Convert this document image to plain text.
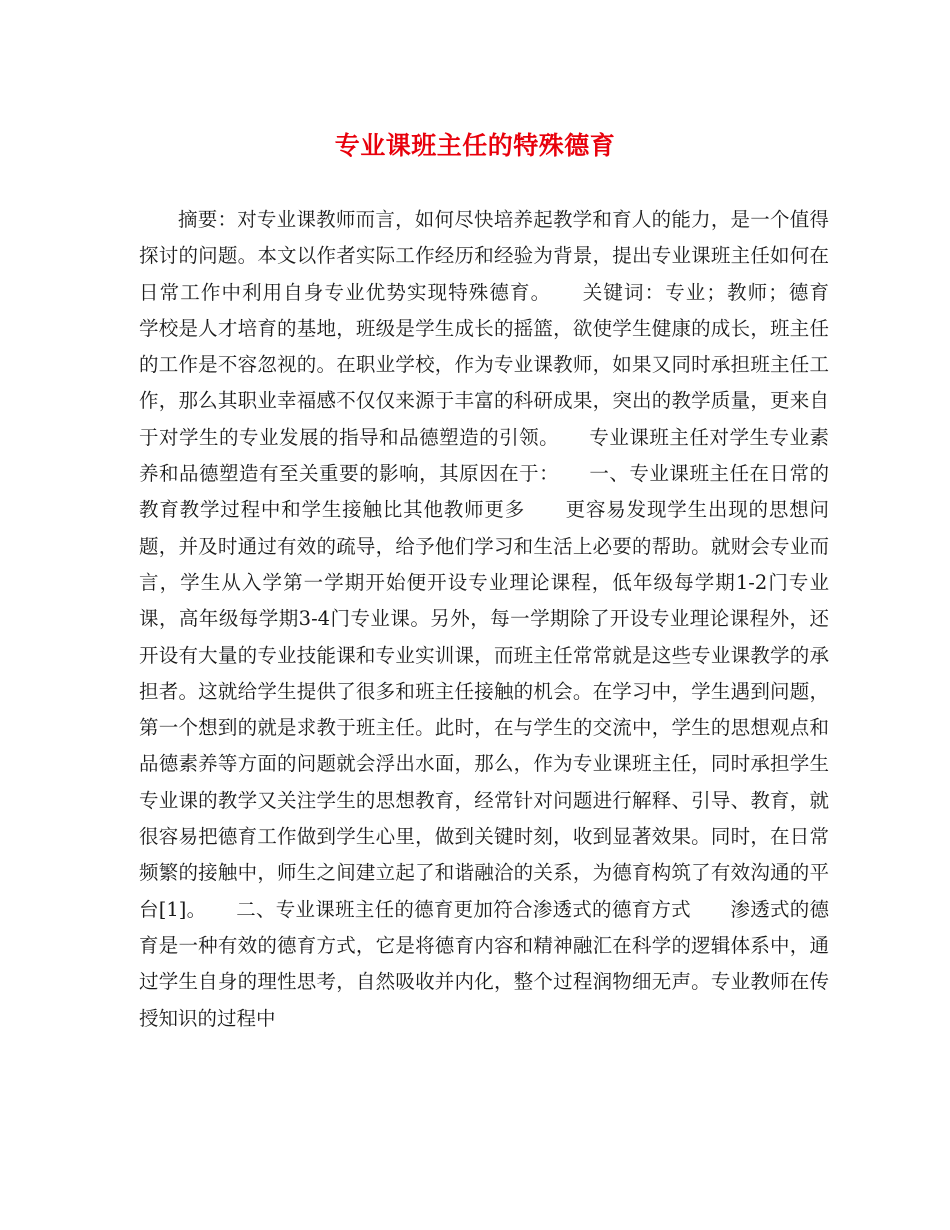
专业课班主任的特殊德育

摘要：对专业课教师而言，如何尽快培养起教学和育人的能力，是一个值得探讨的问题。本文以作者实际工作经历和经验为背景，提出专业课班主任如何在日常工作中利用自身专业优势实现特殊德育。　　关键词：专业；教师；德育　　学校是人才培育的基地，班级是学生成长的摇篮，欲使学生健康的成长，班主任的工作是不容忽视的。在职业学校，作为专业课教师，如果又同时承担班主任工作，那么其职业幸福感不仅仅来源于丰富的科研成果，突出的教学质量，更来自于对学生的专业发展的指导和品德塑造的引领。　　专业课班主任对学生专业素养和品德塑造有至关重要的影响，其原因在于：　　一、专业课班主任在日常的教育教学过程中和学生接触比其他教师更多　　更容易发现学生出现的思想问题，并及时通过有效的疏导，给予他们学习和生活上必要的帮助。就财会专业而言，学生从入学第一学期开始便开设专业理论课程，低年级每学期1-2门专业课，高年级每学期3-4门专业课。另外，每一学期除了开设专业理论课程外，还开设有大量的专业技能课和专业实训课，而班主任常常就是这些专业课教学的承担者。这就给学生提供了很多和班主任接触的机会。在学习中，学生遇到问题，第一个想到的就是求教于班主任。此时，在与学生的交流中，学生的思想观点和品德素养等方面的问题就会浮出水面，那么，作为专业课班主任，同时承担学生专业课的教学又关注学生的思想教育，经常针对问题进行解释、引导、教育，就很容易把德育工作做到学生心里，做到关键时刻，收到显著效果。同时，在日常频繁的接触中，师生之间建立起了和谐融洽的关系，为德育构筑了有效沟通的平台[1]。　　二、专业课班主任的德育更加符合渗透式的德育方式　　渗透式的德育是一种有效的德育方式，它是将德育内容和精神融汇在科学的逻辑体系中，通过学生自身的理性思考，自然吸收并内化，整个过程润物细无声。专业教师在传授知识的过程中
